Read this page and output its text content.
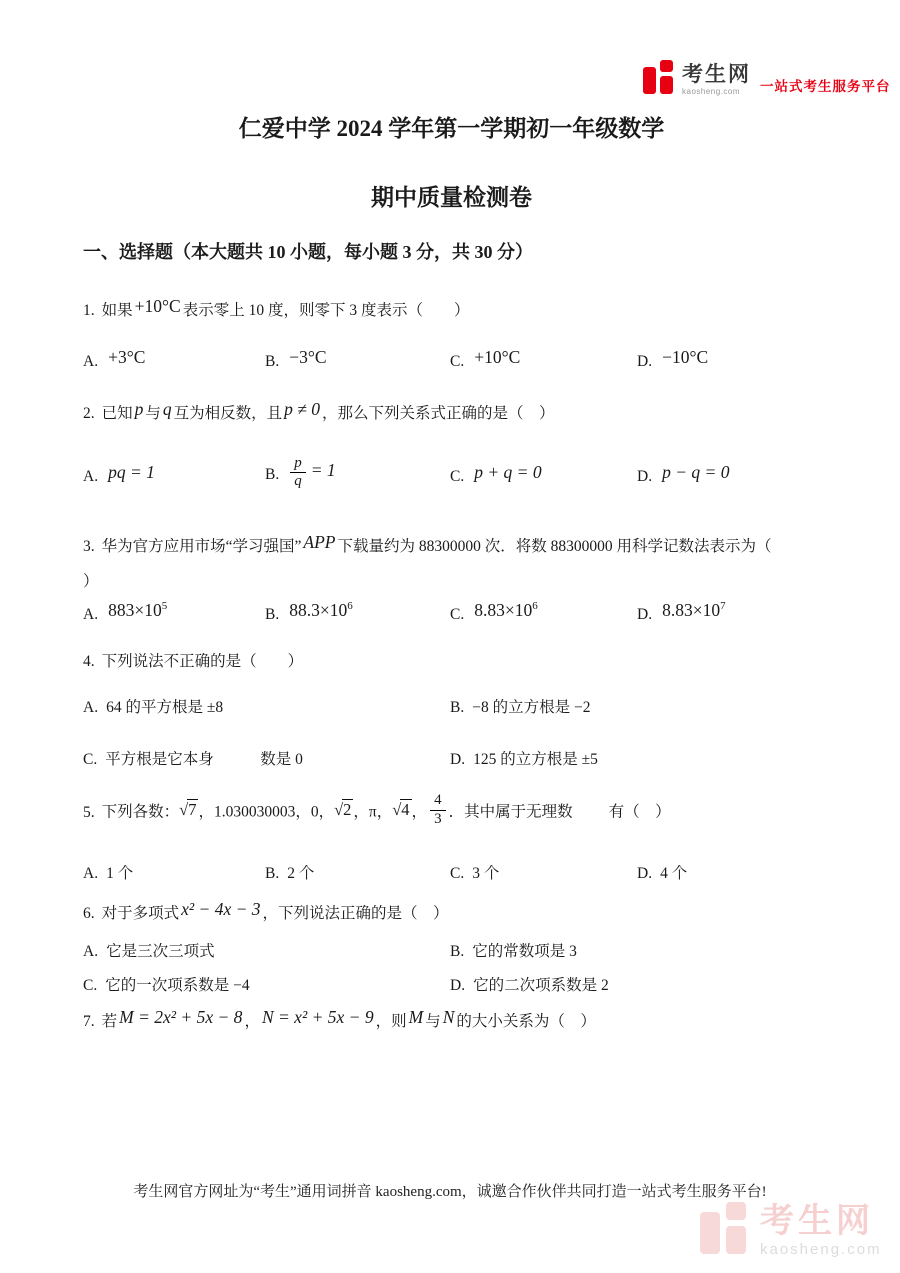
考生网
kaosheng.com	一站式考生服务平台
仁爱中学 2024 学年第一学期初一年级数学
期中质量检测卷
一、选择题（本大题共 10 小题，每小题 3 分，共 30 分）
1. 如果 +10°C 表示零上 10 度，则零下 3 度表示（        ）
A. +3°C	B. −3°C	C. +10°C	D. −10°C
2. 已知 p 与 q 互为相反数，且 p ≠ 0 ，那么下列关系式正确的是（    ）
A. pq = 1	B. $\frac{p}{q} = 1$	C. p + q = 0	D. p − q = 0
3. 华为官方应用市场“学习强国” APP 下载量约为 88300000 次．将数 88300000 用科学记数法表示为（
）
A. $883\times 10^5$	B. $88.3\times 10^6$	C. $8.83\times 10^6$	D. $8.83\times 10^7$
4. 下列说法不正确的是（        ）
A. 64 的平方根是 ±8	B. −8 的立方根是 −2
C. 平方根是它本身            数是 0	D. 125 的立方根是 ±5
5. 下列各数：√7 ，1.030030003，0，√2 ，π，√4 ， $\frac{4}{3}$ ．其中属于无理数 有（    ）
A. 1 个	B. 2 个	C. 3 个	D. 4 个
6. 对于多项式 x² − 4x − 3 ，下列说法正确的是（    ）
A. 它是三次三项式	B. 它的常数项是 3
C. 它的一次项系数是 −4	D. 它的二次项系数是 2
7. 若 M = 2x² + 5x − 8 ， N = x² + 5x − 9 ，则 M 与 N 的大小关系为（    ）
考生网官方网址为“考生”通用词拼音 kaosheng.com，诚邀合作伙伴共同打造一站式考生服务平台!
考生网
kaosheng.com
